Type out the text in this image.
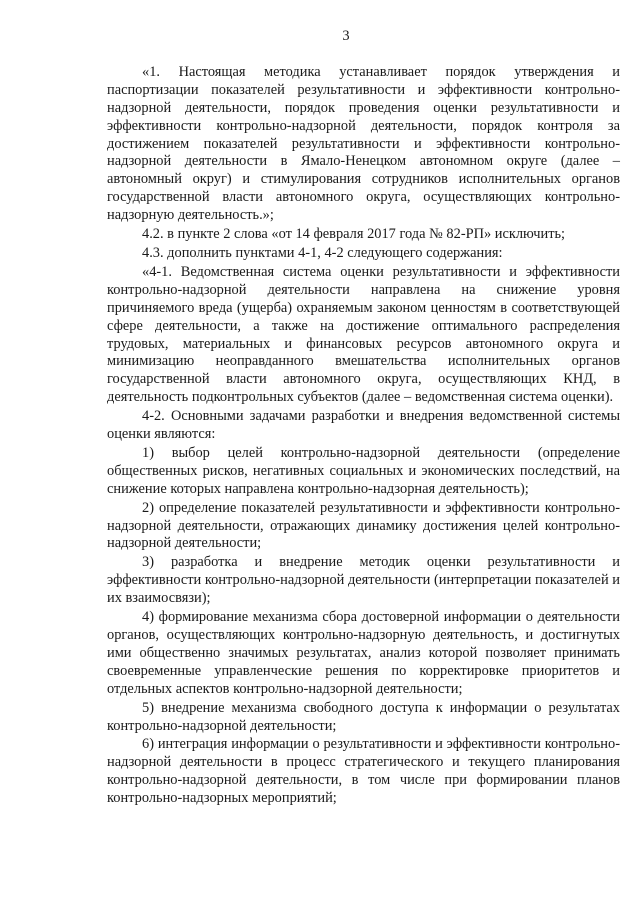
3

«1. Настоящая методика устанавливает порядок утверждения и паспортизации показателей результативности и эффективности контрольно-надзорной деятельности, порядок проведения оценки результативности и эффективности контрольно-надзорной деятельности, порядок контроля за достижением показателей результативности и эффективности контрольно-надзорной деятельности в Ямало-Ненецком автономном округе (далее – автономный округ) и стимулирования сотрудников исполнительных органов государственной власти автономного округа, осуществляющих контрольно-надзорную деятельность.»;

4.2. в пункте 2 слова «от 14 февраля 2017 года № 82-РП» исключить;

4.3. дополнить пунктами 4-1, 4-2 следующего содержания:

«4-1. Ведомственная система оценки результативности и эффективности контрольно-надзорной деятельности направлена на снижение уровня причиняемого вреда (ущерба) охраняемым законом ценностям в соответствующей сфере деятельности, а также на достижение оптимального распределения трудовых, материальных и финансовых ресурсов автономного округа и минимизацию неоправданного вмешательства исполнительных органов государственной власти автономного округа, осуществляющих КНД, в деятельность подконтрольных субъектов (далее – ведомственная система оценки).

4-2. Основными задачами разработки и внедрения ведомственной системы оценки являются:

1) выбор целей контрольно-надзорной деятельности (определение общественных рисков, негативных социальных и экономических последствий, на снижение которых направлена контрольно-надзорная деятельность);

2) определение показателей результативности и эффективности контрольно-надзорной деятельности, отражающих динамику достижения целей контрольно-надзорной деятельности;

3) разработка и внедрение методик оценки результативности и эффективности контрольно-надзорной деятельности (интерпретации показателей и их взаимосвязи);

4) формирование механизма сбора достоверной информации о деятельности органов, осуществляющих контрольно-надзорную деятельность, и достигнутых ими общественно значимых результатах, анализ которой позволяет принимать своевременные управленческие решения по корректировке приоритетов и отдельных аспектов контрольно-надзорной деятельности;

5) внедрение механизма свободного доступа к информации о результатах контрольно-надзорной деятельности;

6) интеграция информации о результативности и эффективности контрольно-надзорной деятельности в процесс стратегического и текущего планирования контрольно-надзорной деятельности, в том числе при формировании планов контрольно-надзорных мероприятий;
